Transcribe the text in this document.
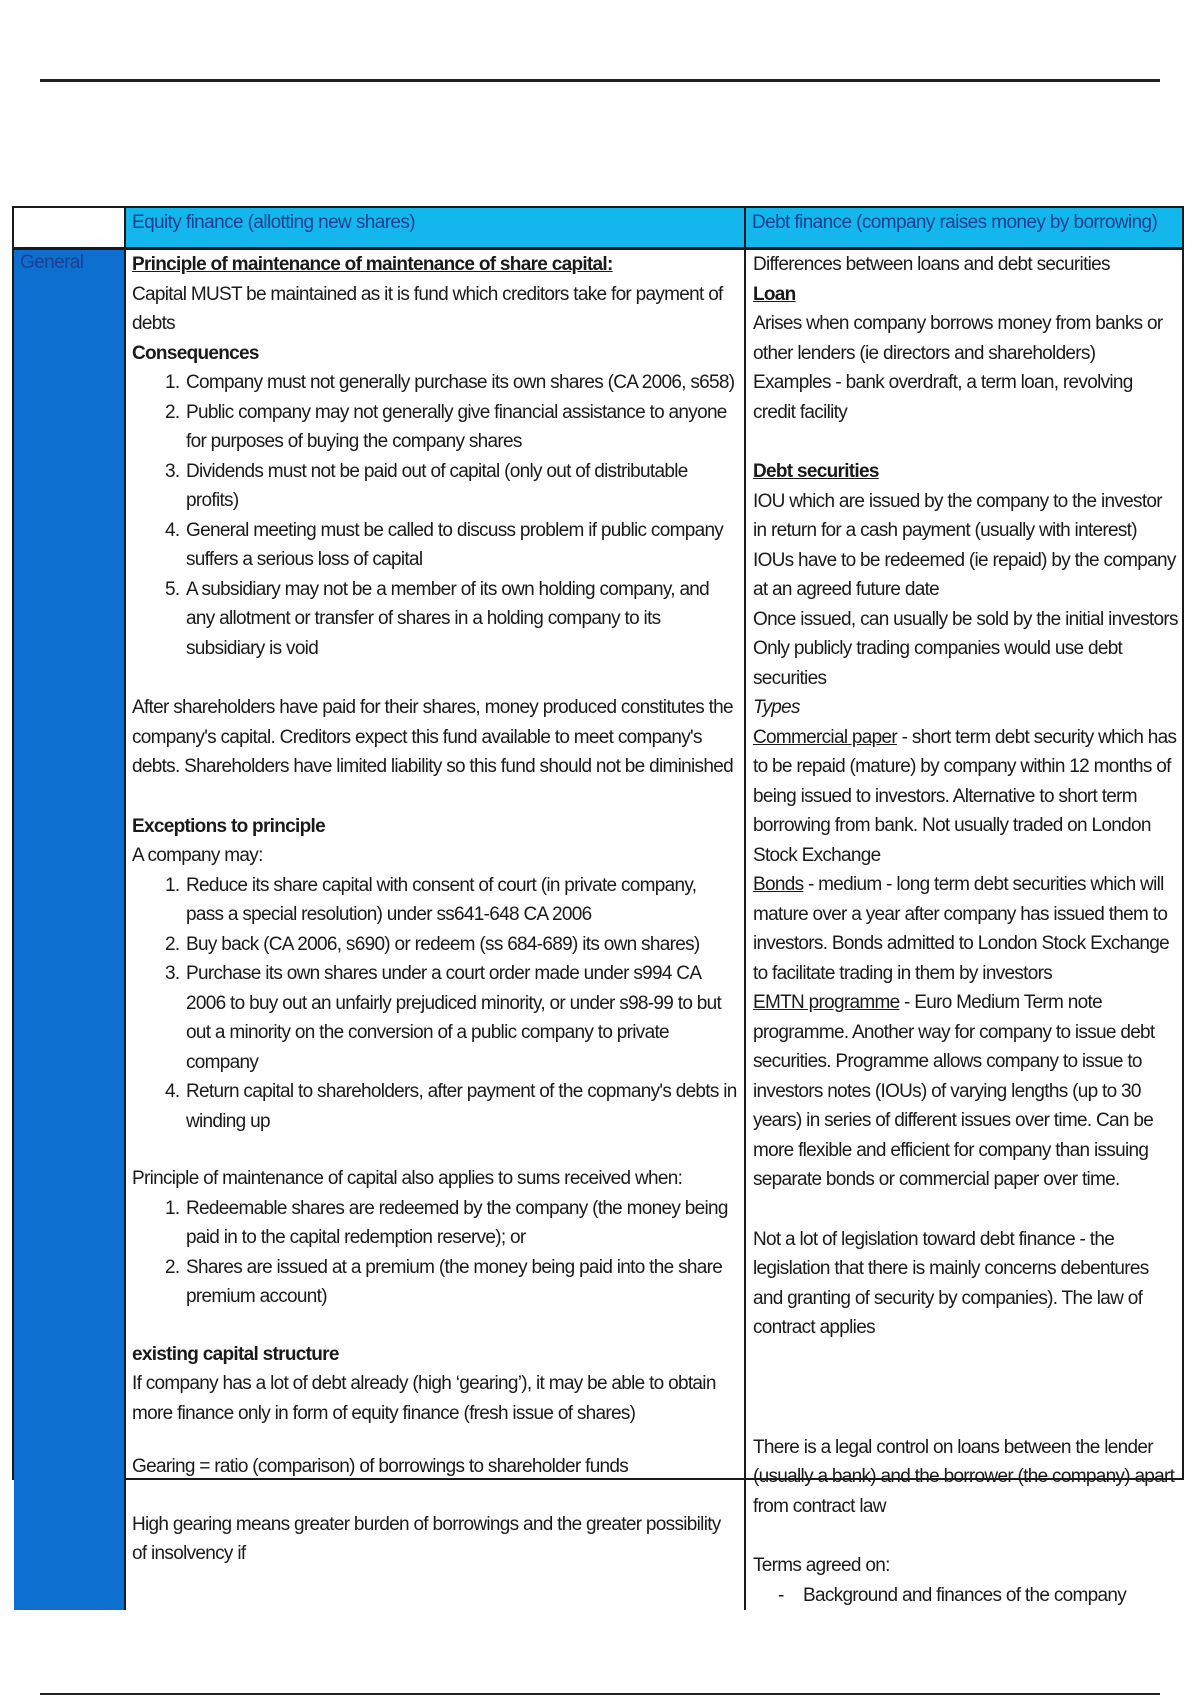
Equity finance (allotting new shares)	Debt finance (company raises money by borrowing)
General	Principle of maintenance of maintenance of share capital:

Capital MUST be maintained as it is fund which creditors take for payment of debts

Consequences

1. Company must not generally purchase its own shares (CA 2006, s658)
2. Public company may not generally give financial assistance to anyone for purposes of buying the company shares
3. Dividends must not be paid out of capital (only out of distributable profits)
4. General meeting must be called to discuss problem if public company suffers a serious loss of capital
5. A subsidiary may not be a member of its own holding company, and any allotment or transfer of shares in a holding company to its subsidiary is void

After shareholders have paid for their shares, money produced constitutes the company's capital. Creditors expect this fund available to meet company's debts. Shareholders have limited liability so this fund should not be diminished

Exceptions to principle

A company may:

1. Reduce its share capital with consent of court (in private company, pass a special resolution) under ss641-648 CA 2006
2. Buy back (CA 2006, s690) or redeem (ss 684-689) its own shares)
3. Purchase its own shares under a court order made under s994 CA 2006 to buy out an unfairly prejudiced minority, or under s98-99 to but out a minority on the conversion of a public company to private company
4. Return capital to shareholders, after payment of the copmany's debts in winding up

Principle of maintenance of capital also applies to sums received when:

1. Redeemable shares are redeemed by the company (the money being paid in to the capital redemption reserve); or
2. Shares are issued at a premium (the money being paid into the share premium account)

existing capital structure

If company has a lot of debt already (high ‘gearing’), it may be able to obtain more finance only in form of equity finance (fresh issue of shares)

Gearing = ratio (comparison) of borrowings to shareholder funds

High gearing means greater burden of borrowings and the greater possibility of insolvency if

Differences between loans and debt securities

Loan

Arises when company borrows money from banks or other lenders (ie directors and shareholders)

Examples - bank overdraft, a term loan, revolving credit facility

Debt securities

IOU which are issued by the company to the investor in return for a cash payment (usually with interest)

IOUs have to be redeemed (ie repaid) by the company at an agreed future date

Once issued, can usually be sold by the initial investors

Only publicly trading companies would use debt securities

Types

Commercial paper - short term debt security which has to be repaid (mature) by company within 12 months of being issued to investors. Alternative to short term borrowing from bank. Not usually traded on London Stock Exchange

Bonds - medium - long term debt securities which will mature over a year after company has issued them to investors. Bonds admitted to London Stock Exchange to facilitate trading in them by investors

EMTN programme - Euro Medium Term note programme. Another way for company to issue debt securities. Programme allows company to issue to investors notes (IOUs) of varying lengths (up to 30 years) in series of different issues over time. Can be more flexible and efficient for company than issuing separate bonds or commercial paper over time.

Not a lot of legislation toward debt finance - the legislation that there is mainly concerns debentures and granting of security by companies). The law of contract applies

There is a legal control on loans between the lender (usually a bank) and the borrower (the company) apart from contract law

Terms agreed on:

- Background and finances of the company
